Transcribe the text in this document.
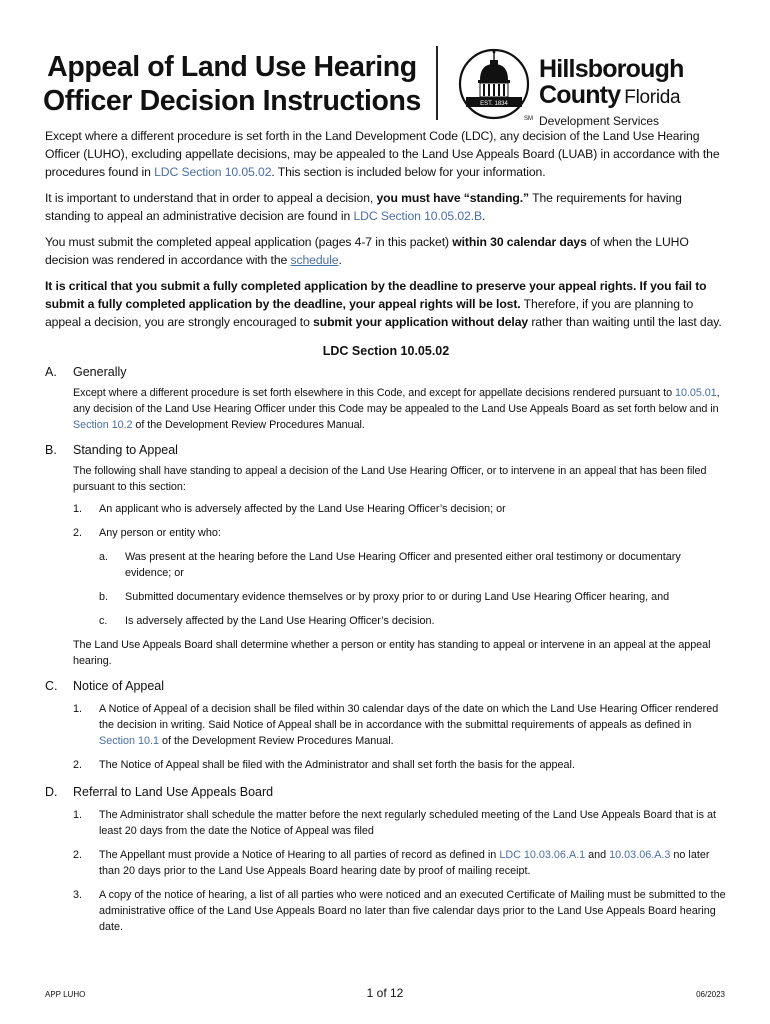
Appeal of Land Use Hearing
Officer Decision Instructions	EST. 1834
SM
Hillsborough
County Florida
Development Services

Except where a different procedure is set forth in the Land Development Code (LDC), any decision of the Land Use Hearing Officer (LUHO), excluding appellate decisions, may be appealed to the Land Use Appeals Board (LUAB) in accordance with the procedures found in LDC Section 10.05.02. This section is included below for your information.

It is important to understand that in order to appeal a decision, you must have “standing.” The requirements for having standing to appeal an administrative decision are found in LDC Section 10.05.02.B.

You must submit the completed appeal application (pages 4-7 in this packet) within 30 calendar days of when the LUHO decision was rendered in accordance with the schedule.

It is critical that you submit a fully completed application by the deadline to preserve your appeal rights. If you fail to submit a fully completed application by the deadline, your appeal rights will be lost. Therefore, if you are planning to appeal a decision, you are strongly encouraged to submit your application without delay rather than waiting until the last day.

LDC Section 10.05.02
A. Generally

Except where a different procedure is set forth elsewhere in this Code, and except for appellate decisions rendered pursuant to 10.05.01, any decision of the Land Use Hearing Officer under this Code may be appealed to the Land Use Appeals Board as set forth below and in Section 10.2 of the Development Review Procedures Manual.

B. Standing to Appeal

The following shall have standing to appeal a decision of the Land Use Hearing Officer, or to intervene in an appeal that has been filed pursuant to this section:

1. An applicant who is adversely affected by the Land Use Hearing Officer’s decision; or
2. Any person or entity who:
a. Was present at the hearing before the Land Use Hearing Officer and presented either oral testimony or documentary evidence; or
b. Submitted documentary evidence themselves or by proxy prior to or during Land Use Hearing Officer hearing, and
c. Is adversely affected by the Land Use Hearing Officer’s decision.

The Land Use Appeals Board shall determine whether a person or entity has standing to appeal or intervene in an appeal at the appeal hearing.

C. Notice of Appeal
1. A Notice of Appeal of a decision shall be filed within 30 calendar days of the date on which the Land Use Hearing Officer rendered the decision in writing. Said Notice of Appeal shall be in accordance with the submittal requirements of appeals as defined in Section 10.1 of the Development Review Procedures Manual.
2. The Notice of Appeal shall be filed with the Administrator and shall set forth the basis for the appeal.
D. Referral to Land Use Appeals Board
1. The Administrator shall schedule the matter before the next regularly scheduled meeting of the Land Use Appeals Board that is at least 20 days from the date the Notice of Appeal was filed
2. The Appellant must provide a Notice of Hearing to all parties of record as defined in LDC 10.03.06.A.1 and 10.03.06.A.3 no later than 20 days prior to the Land Use Appeals Board hearing date by proof of mailing receipt.
3. A copy of the notice of hearing, a list of all parties who were noticed and an executed Certificate of Mailing must be submitted to the administrative office of the Land Use Appeals Board no later than five calendar days prior to the Land Use Appeals Board hearing date.
APP LUHO	1 of 12	06/2023
